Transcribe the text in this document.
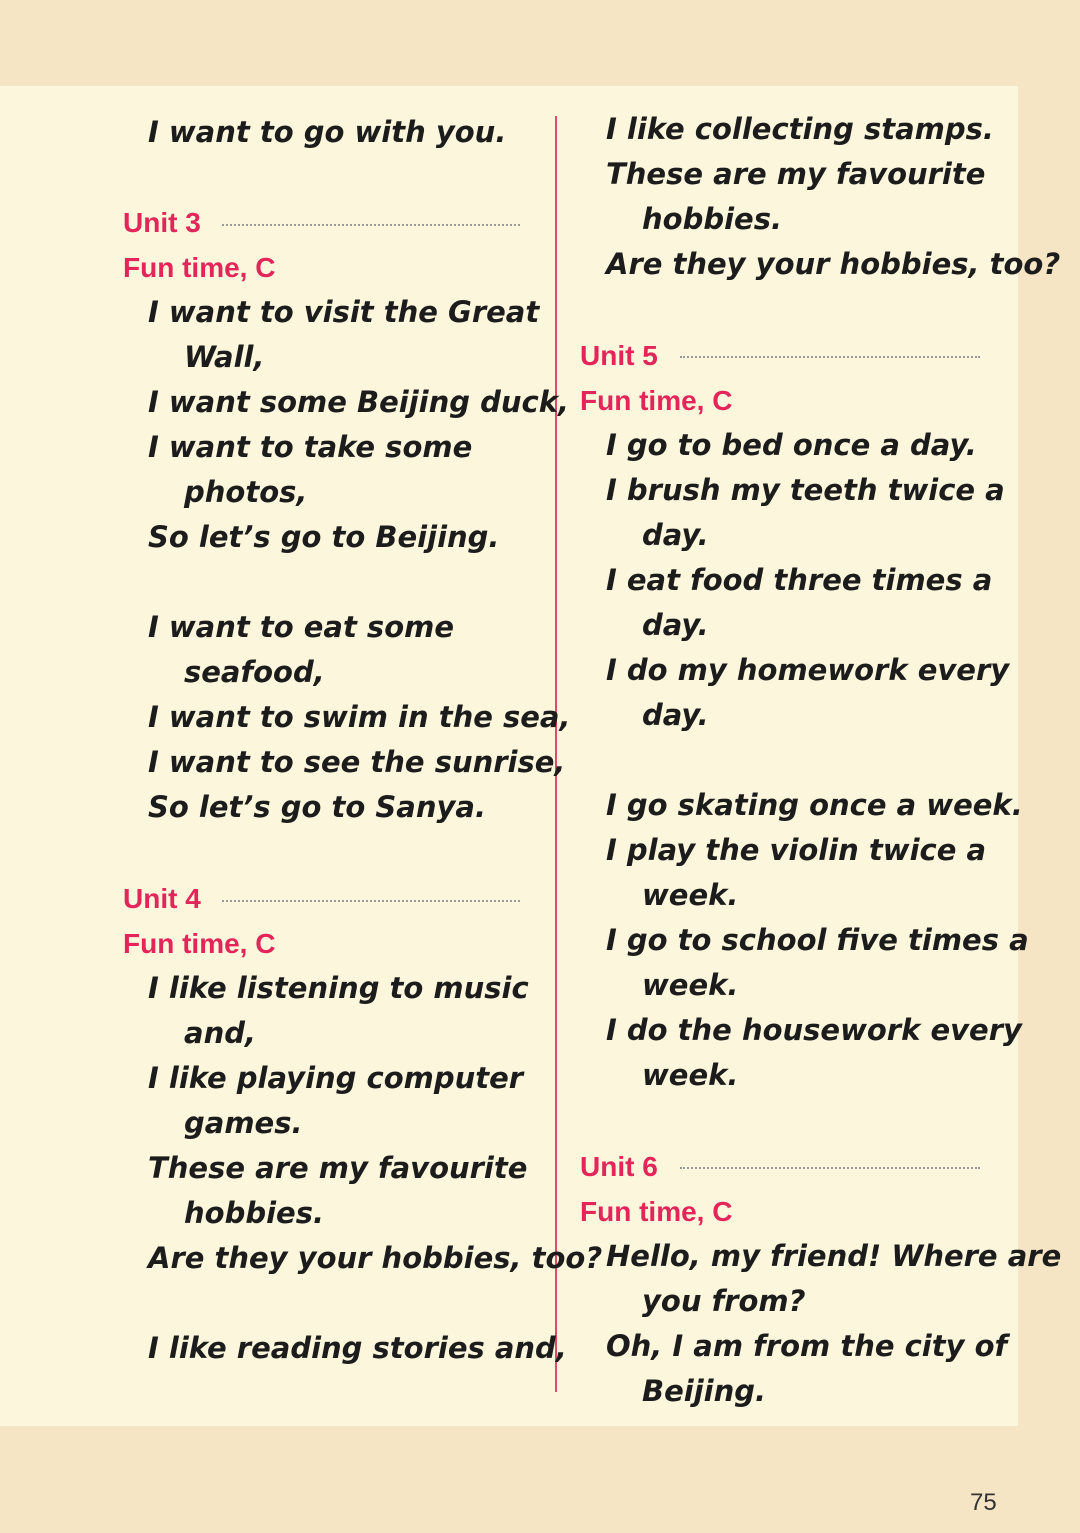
I want to go with you.
Unit 3
Fun time, C
I want to visit the Great
Wall,
I want some Beijing duck,
I want to take some
photos,
So let’s go to Beijing.
I want to eat some
seafood,
I want to swim in the sea,
I want to see the sunrise,
So let’s go to Sanya.
Unit 4
Fun time, C
I like listening to music
and,
I like playing computer
games.
These are my favourite
hobbies.
Are they your hobbies, too?
I like reading stories and,
I like collecting stamps.
These are my favourite
hobbies.
Are they your hobbies, too?
Unit 5
Fun time, C
I go to bed once a day.
I brush my teeth twice a
day.
I eat food three times a
day.
I do my homework every
day.
I go skating once a week.
I play the violin twice a
week.
I go to school five times a
week.
I do the housework every
week.
Unit 6
Fun time, C
Hello, my friend! Where are
you from?
Oh, I am from the city of
Beijing.
75
